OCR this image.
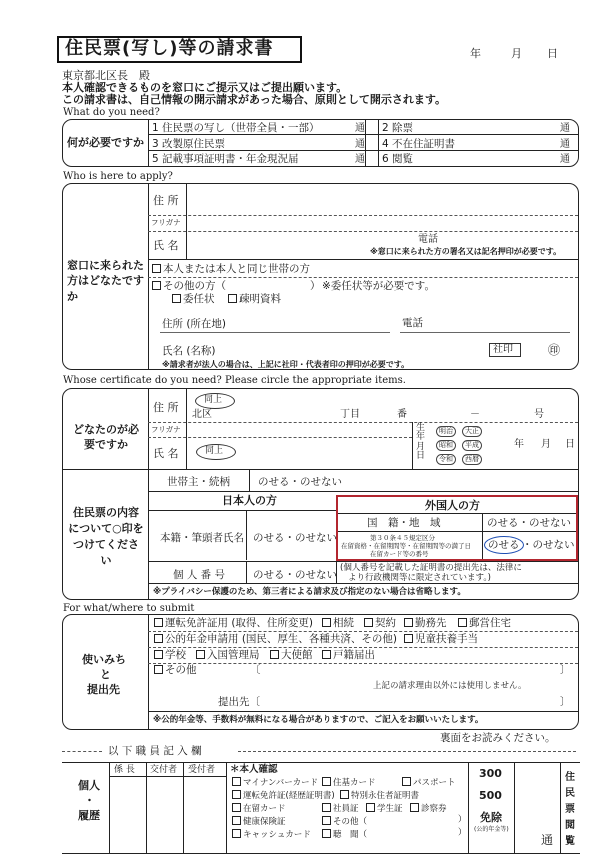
住民票(写し)等の請求書	年	月 日
東京都北区長　殿
本人確認できるものを窓口にご提示又はご提出願います。
この請求書は、自己情報の開示請求があった場合、原則として開示されます。
What do you need?
何が必要ですか
1 住民票の写し（世帯全員・一部）	通 2 除票	通
3 改製原住民票	通 4 不在住証明書	通
5 記載事項証明書・年金現況届	通 6 閲覧	通
Who is here to apply?
窓口に来られた方はどなたですか
住 所
フリガナ
氏 名	電話
※窓口に来られた方の署名又は記名押印が必要です。
本人または本人と同じ世帯の方
その他の方（	） ※委任状等が必要です。
委任状	疎明資料
住所 (所在地)	電話
氏名 (名称)	社印	㊞
※請求者が法人の場合は、上記に社印・代表者印の押印が必要です。
Whose certificate do you need? Please circle the appropriate items.
どなたのが必要ですか
住 所
同上
北区	丁目	番	－	号
フリガナ
氏 名	同上
生年月日
明治	大正
昭和	平成
令和	西暦
年 月 日
住民票の内容について○印をつけてください
世帯主・続柄	のせる・のせない
日本人の方
本籍・筆頭者氏名 のせる・のせない
外国人の方
国　籍・地　域	のせる・のせない
第３０条４５規定区分
在留資格・在留期間等・在留期間等の満了日
在留カード等の番号
のせる ・のせない
個 人 番 号	のせる・のせない
(個人番号を記載した証明書の提出先は、法律に
より行政機関等に限定されています。)
※プライバシー保護のため、第三者による請求及び指定のない場合は省略します。
For what/where to submit
使いみち
と
提出先
運転免許証用 (取得、住所変更)	相続	契約	勤務先	郵営住宅
公的年金申請用 (国民、厚生、各種共済、その他)	児童扶養手当
学校	入国管理局	大使館	戸籍届出
その他	〔	〕
上記の請求理由以外には使用しません。
提出先〔	〕
※公的年金等、手数料が無料になる場合がありますので、ご記入をお願いいたします。
裏面をお読みください。
以 下 職 員 記 入 欄
個人
・
履歴
係 長 交付者 受付者 ＊本人確認
マイナンバーカード	住基カード	パスポート
運転免許証(経歴証明書)	特別永住者証明書
在留カード	社員証	学生証	診察券
健康保険証	その他（	）
キャッシュカード	聴　聞（	）
300
500
免除
(公的年金等)
通
住民票閲覧
